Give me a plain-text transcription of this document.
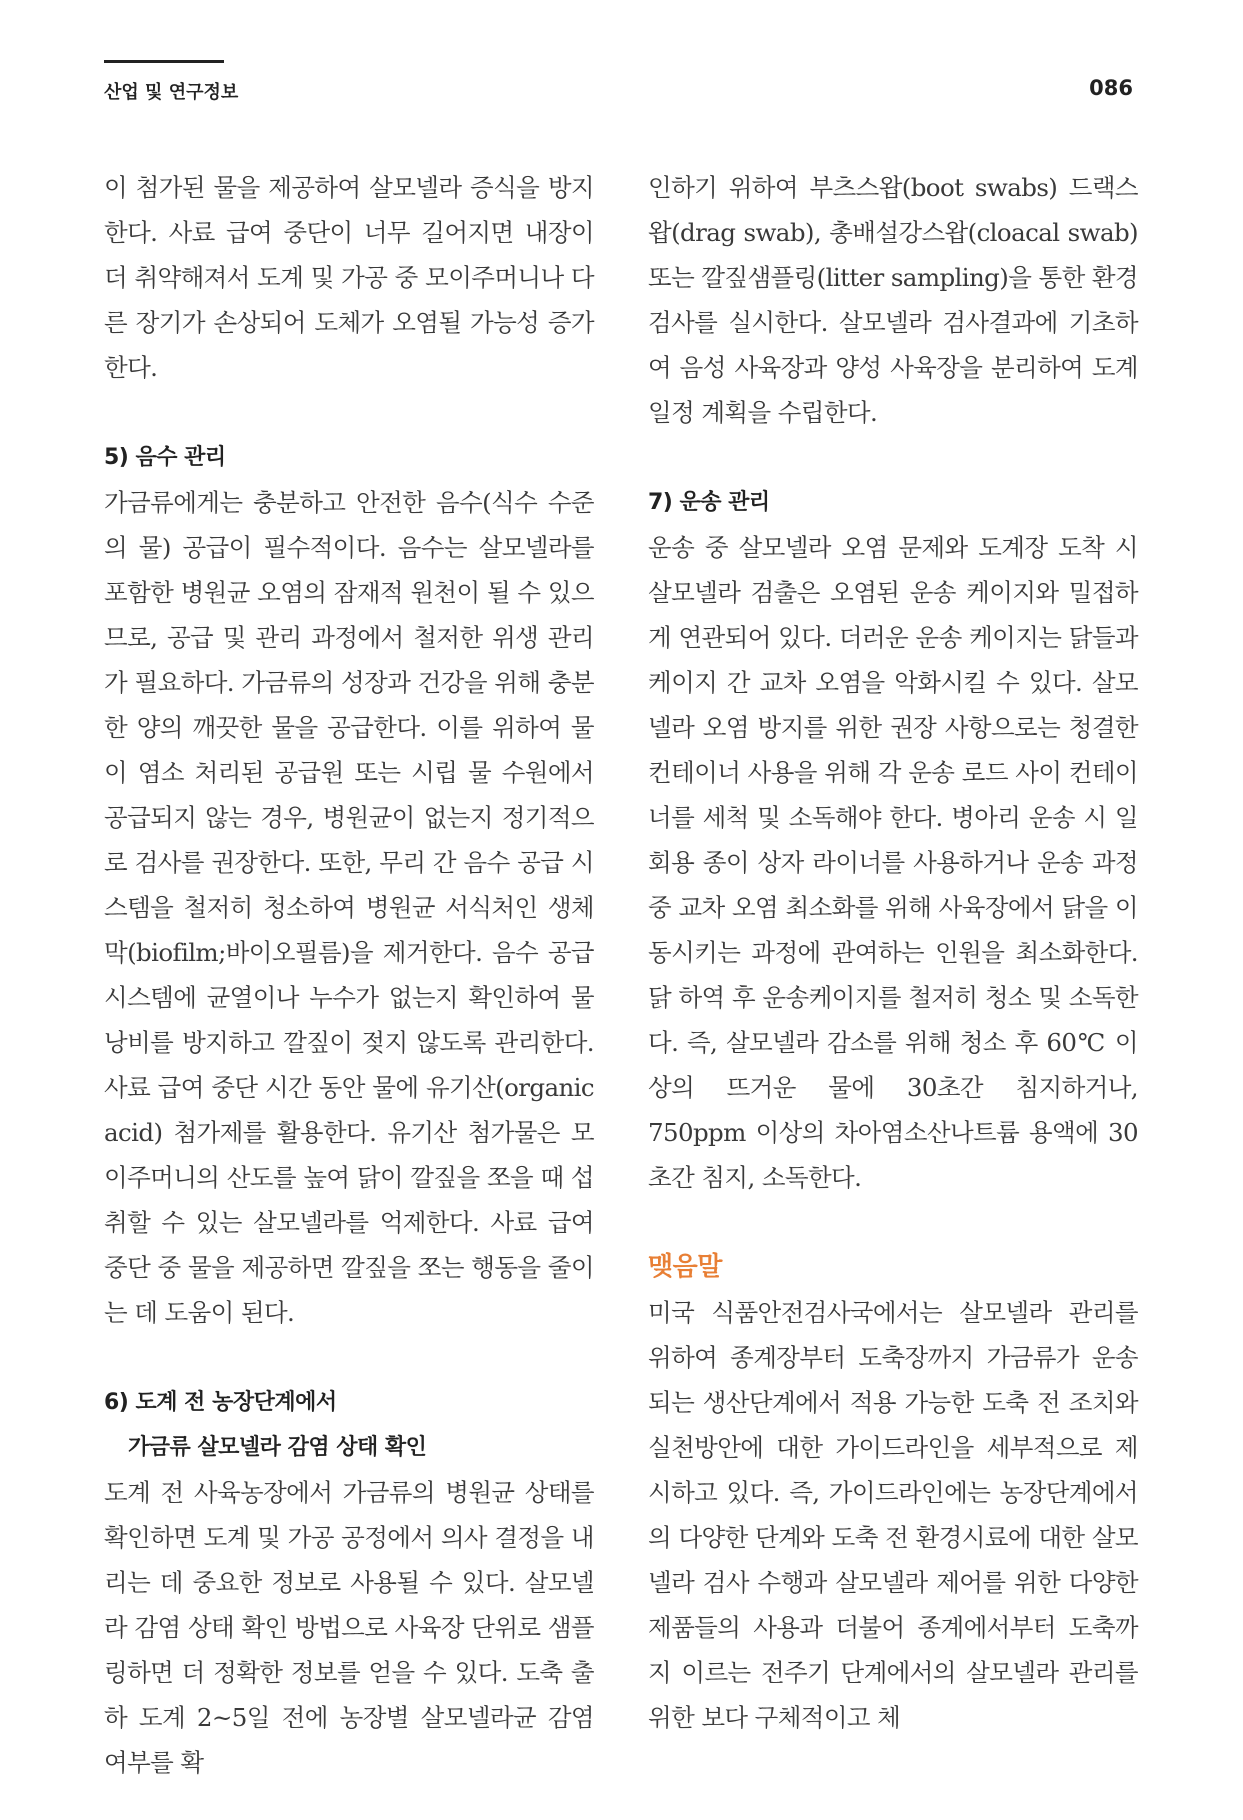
산업 및 연구정보	086

이 첨가된 물을 제공하여 살모넬라 증식을 방지한다. 사료 급여 중단이 너무 길어지면 내장이 더 취약해져서 도계 및 가공 중 모이주머니나 다른 장기가 손상되어 도체가 오염될 가능성 증가한다.

5) 음수 관리

가금류에게는 충분하고 안전한 음수(식수 수준의 물) 공급이 필수적이다. 음수는 살모넬라를 포함한 병원균 오염의 잠재적 원천이 될 수 있으므로, 공급 및 관리 과정에서 철저한 위생 관리가 필요하다. 가금류의 성장과 건강을 위해 충분한 양의 깨끗한 물을 공급한다. 이를 위하여 물이 염소 처리된 공급원 또는 시립 물 수원에서 공급되지 않는 경우, 병원균이 없는지 정기적으로 검사를 권장한다. 또한, 무리 간 음수 공급 시스템을 철저히 청소하여 병원균 서식처인 생체막(biofilm;바이오필름)을 제거한다. 음수 공급 시스템에 균열이나 누수가 없는지 확인하여 물 낭비를 방지하고 깔짚이 젖지 않도록 관리한다. 사료 급여 중단 시간 동안 물에 유기산(organic acid) 첨가제를 활용한다. 유기산 첨가물은 모이주머니의 산도를 높여 닭이 깔짚을 쪼을 때 섭취할 수 있는 살모넬라를 억제한다. 사료 급여 중단 중 물을 제공하면 깔짚을 쪼는 행동을 줄이는 데 도움이 된다.

6) 도계 전 농장단계에서

가금류 살모넬라 감염 상태 확인

도계 전 사육농장에서 가금류의 병원균 상태를 확인하면 도계 및 가공 공정에서 의사 결정을 내리는 데 중요한 정보로 사용될 수 있다. 살모넬라 감염 상태 확인 방법으로 사육장 단위로 샘플링하면 더 정확한 정보를 얻을 수 있다. 도축 출하 도계 2~5일 전에 농장별 살모넬라균 감염 여부를 확

인하기 위하여 부츠스왑(boot swabs) 드랙스왑(drag swab), 총배설강스왑(cloacal swab) 또는 깔짚샘플링(litter sampling)을 통한 환경검사를 실시한다. 살모넬라 검사결과에 기초하여 음성 사육장과 양성 사육장을 분리하여 도계 일정 계획을 수립한다.

7) 운송 관리

운송 중 살모넬라 오염 문제와 도계장 도착 시 살모넬라 검출은 오염된 운송 케이지와 밀접하게 연관되어 있다. 더러운 운송 케이지는 닭들과 케이지 간 교차 오염을 악화시킬 수 있다. 살모넬라 오염 방지를 위한 권장 사항으로는 청결한 컨테이너 사용을 위해 각 운송 로드 사이 컨테이너를 세척 및 소독해야 한다. 병아리 운송 시 일회용 종이 상자 라이너를 사용하거나 운송 과정 중 교차 오염 최소화를 위해 사육장에서 닭을 이동시키는 과정에 관여하는 인원을 최소화한다. 닭 하역 후 운송케이지를 철저히 청소 및 소독한다. 즉, 살모넬라 감소를 위해 청소 후 60℃ 이상의 뜨거운 물에 30초간 침지하거나, 750ppm 이상의 차아염소산나트륨 용액에 30초간 침지, 소독한다.

맺음말

미국 식품안전검사국에서는 살모넬라 관리를 위하여 종계장부터 도축장까지 가금류가 운송되는 생산단계에서 적용 가능한 도축 전 조치와 실천방안에 대한 가이드라인을 세부적으로 제시하고 있다. 즉, 가이드라인에는 농장단계에서의 다양한 단계와 도축 전 환경시료에 대한 살모넬라 검사 수행과 살모넬라 제어를 위한 다양한 제품들의 사용과 더불어 종계에서부터 도축까지 이르는 전주기 단계에서의 살모넬라 관리를 위한 보다 구체적이고 체
